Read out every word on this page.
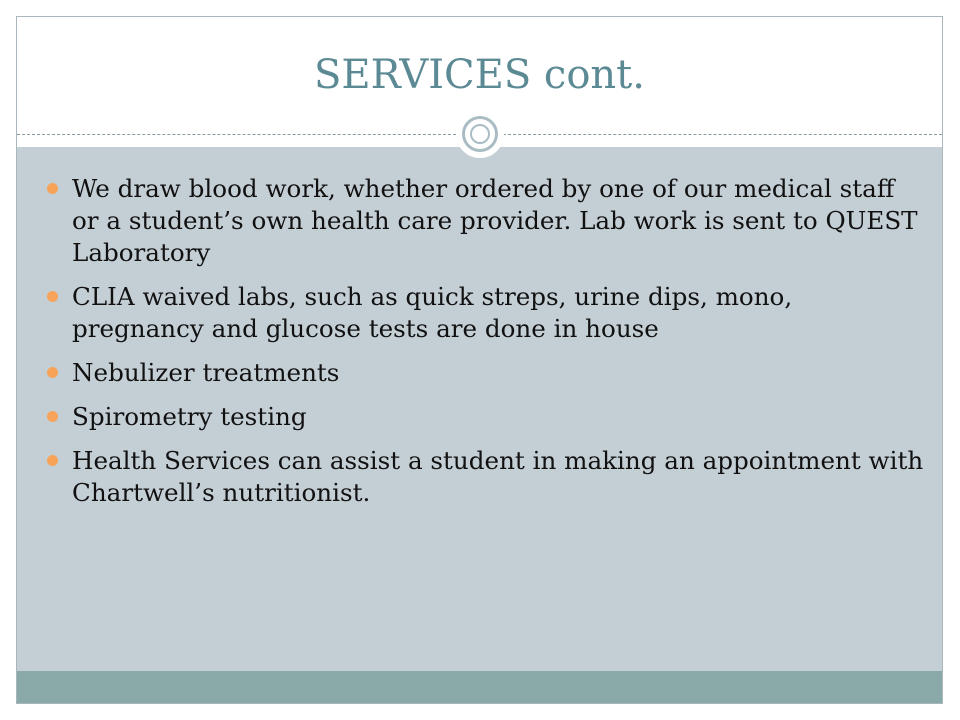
SERVICES cont.
We draw blood work, whether ordered by one of our medical staff or a student’s own health care provider. Lab work is sent to QUEST Laboratory
CLIA waived labs, such as quick streps, urine dips, mono, pregnancy and glucose tests are done in house
Nebulizer treatments
Spirometry testing
Health Services can assist a student in making an appointment with Chartwell’s nutritionist.
